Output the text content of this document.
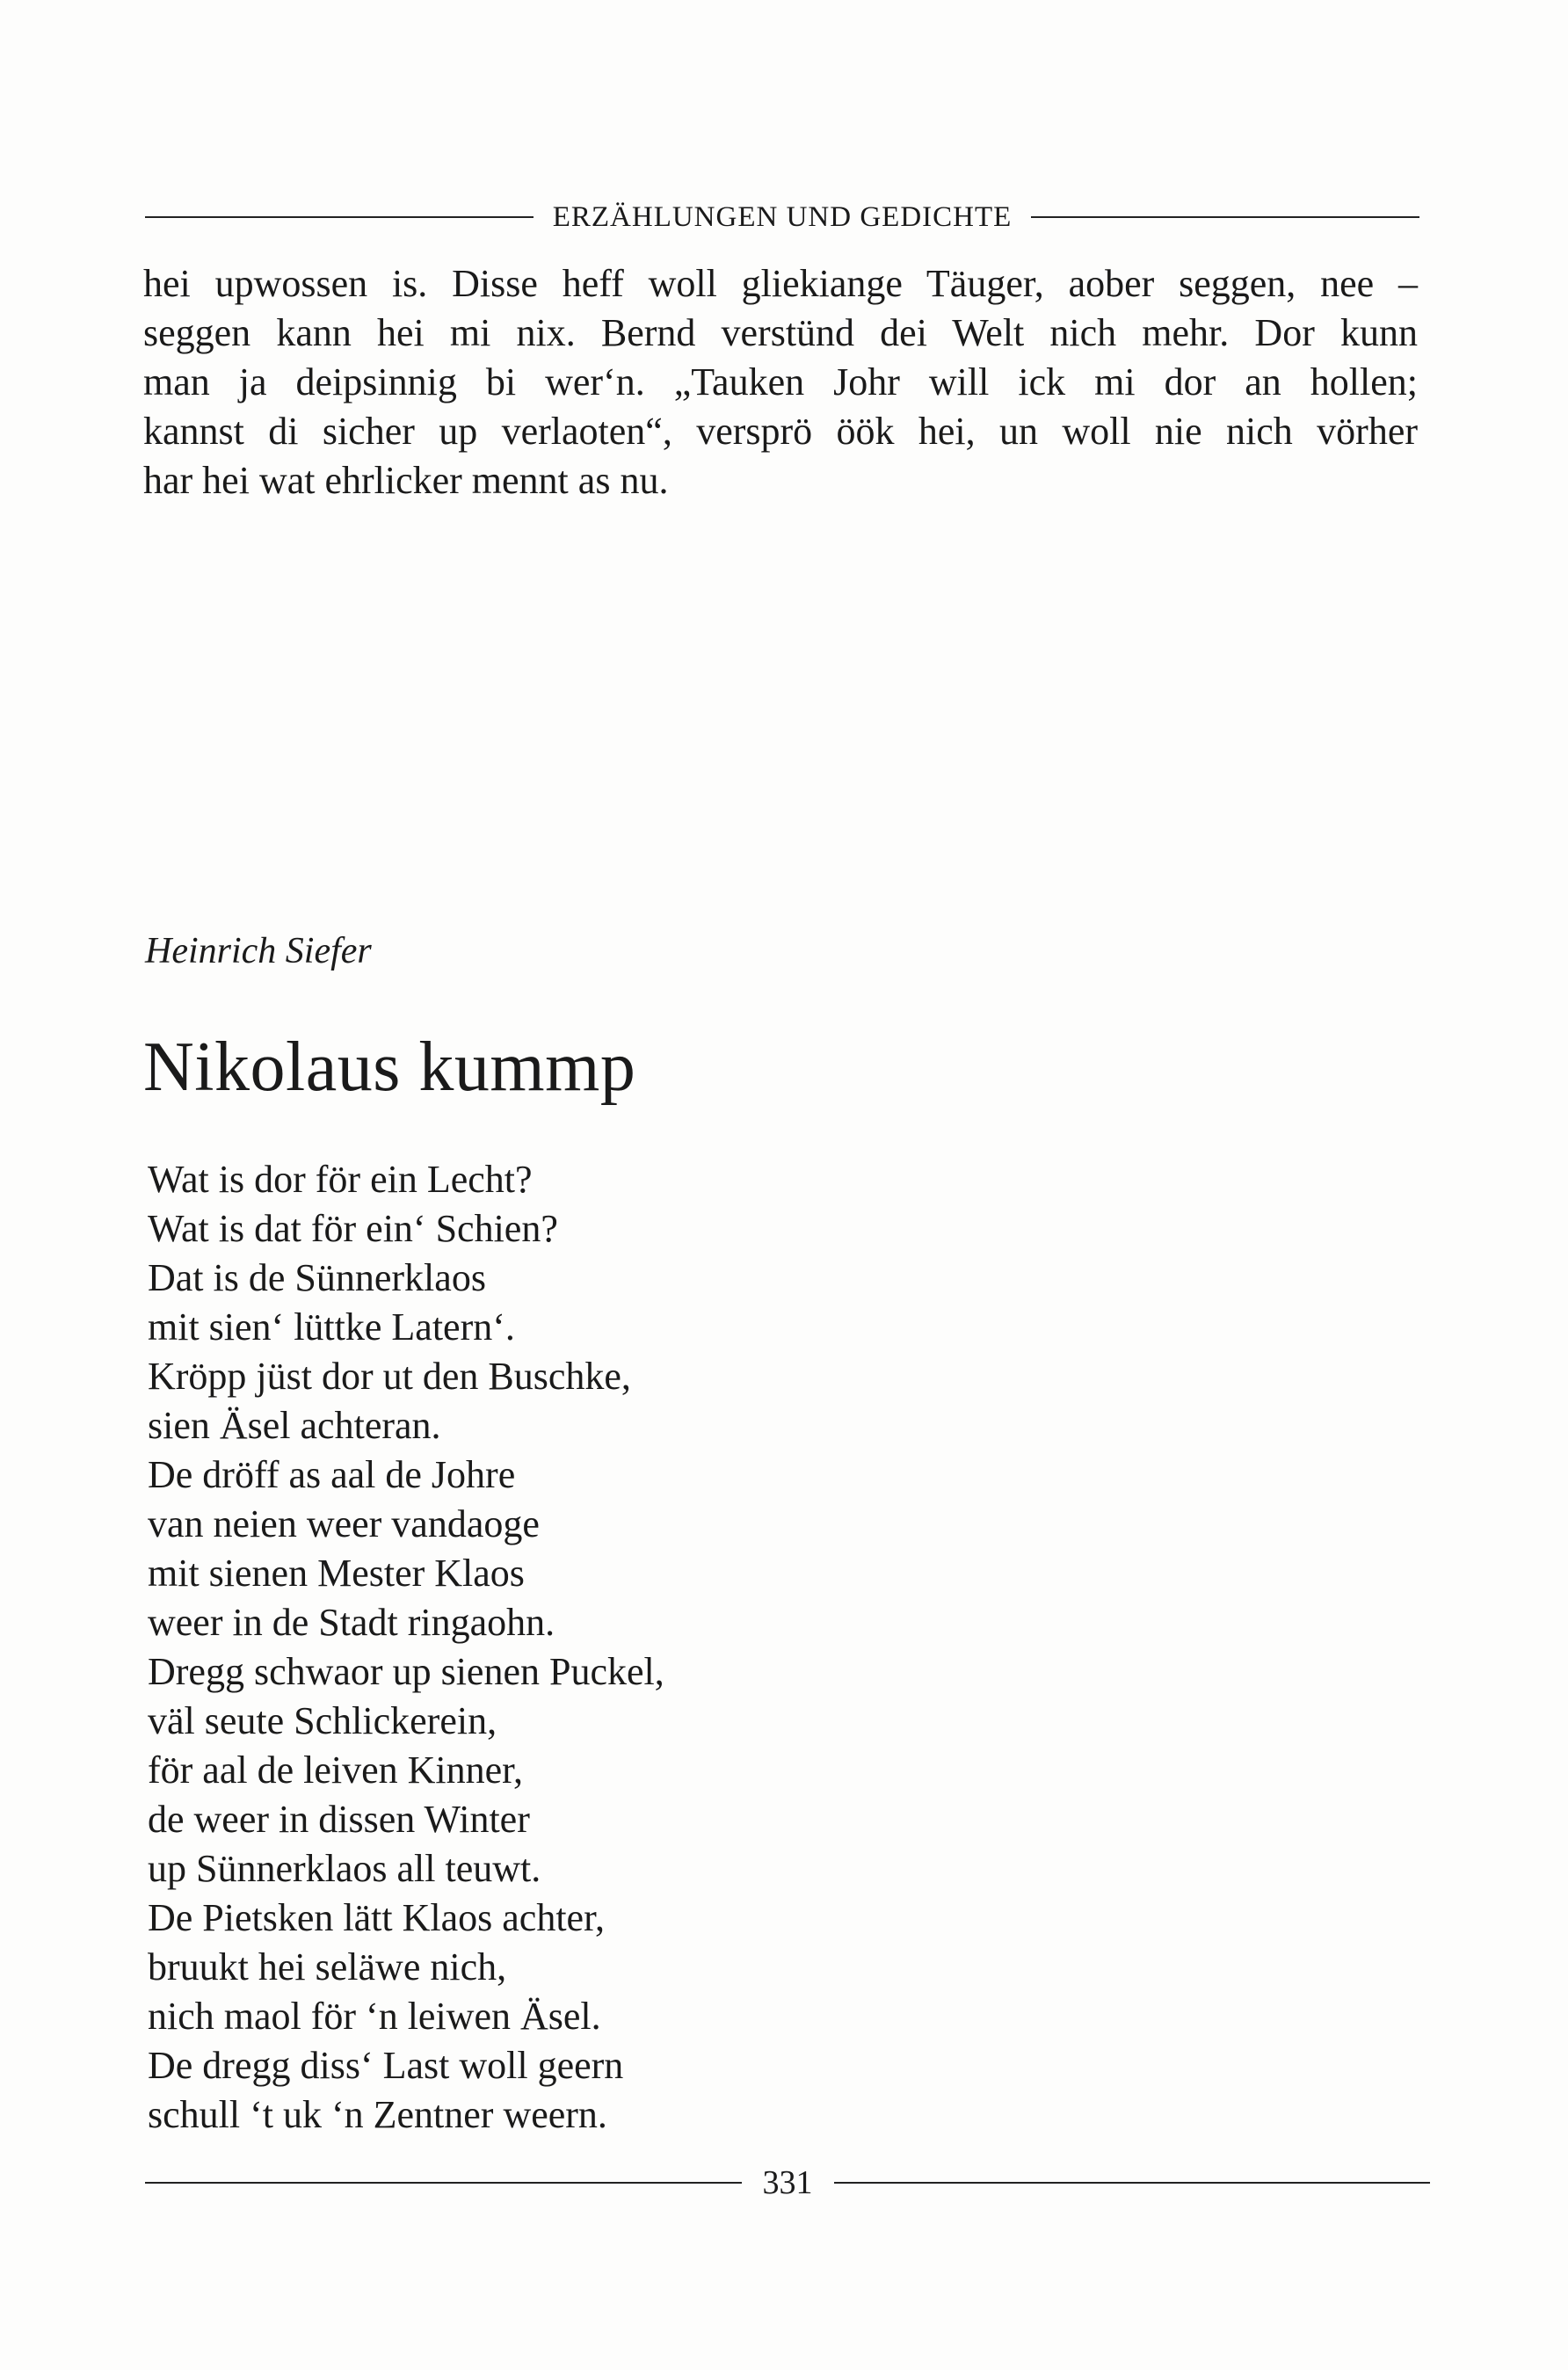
ERZÄHLUNGEN UND GEDICHTE

hei upwossen is. Disse heff woll gliekiange Täuger, aober seggen, nee –
seggen kann hei mi nix. Bernd verstünd dei Welt nich mehr. Dor kunn
man ja deipsinnig bi wer‘n. „Tauken Johr will ick mi dor an hollen;
kannst di sicher up verlaoten“, versprö öök hei, un woll nie nich vörher
har hei wat ehrlicker mennt as nu.

Heinrich Siefer

Nikolaus kummp
Wat is dor för ein Lecht?
Wat is dat för ein‘ Schien?
Dat is de Sünnerklaos
mit sien‘ lüttke Latern‘.
Kröpp jüst dor ut den Buschke,
sien Äsel achteran.
De dröff as aal de Johre
van neien weer vandaoge
mit sienen Mester Klaos
weer in de Stadt ringaohn.
Dregg schwaor up sienen Puckel,
väl seute Schlickerein,
för aal de leiven Kinner,
de weer in dissen Winter
up Sünnerklaos all teuwt.
De Pietsken lätt Klaos achter,
bruukt hei seläwe nich,
nich maol för ‘n leiwen Äsel.
De dregg diss‘ Last woll geern
schull ‘t uk ‘n Zentner weern.
331
